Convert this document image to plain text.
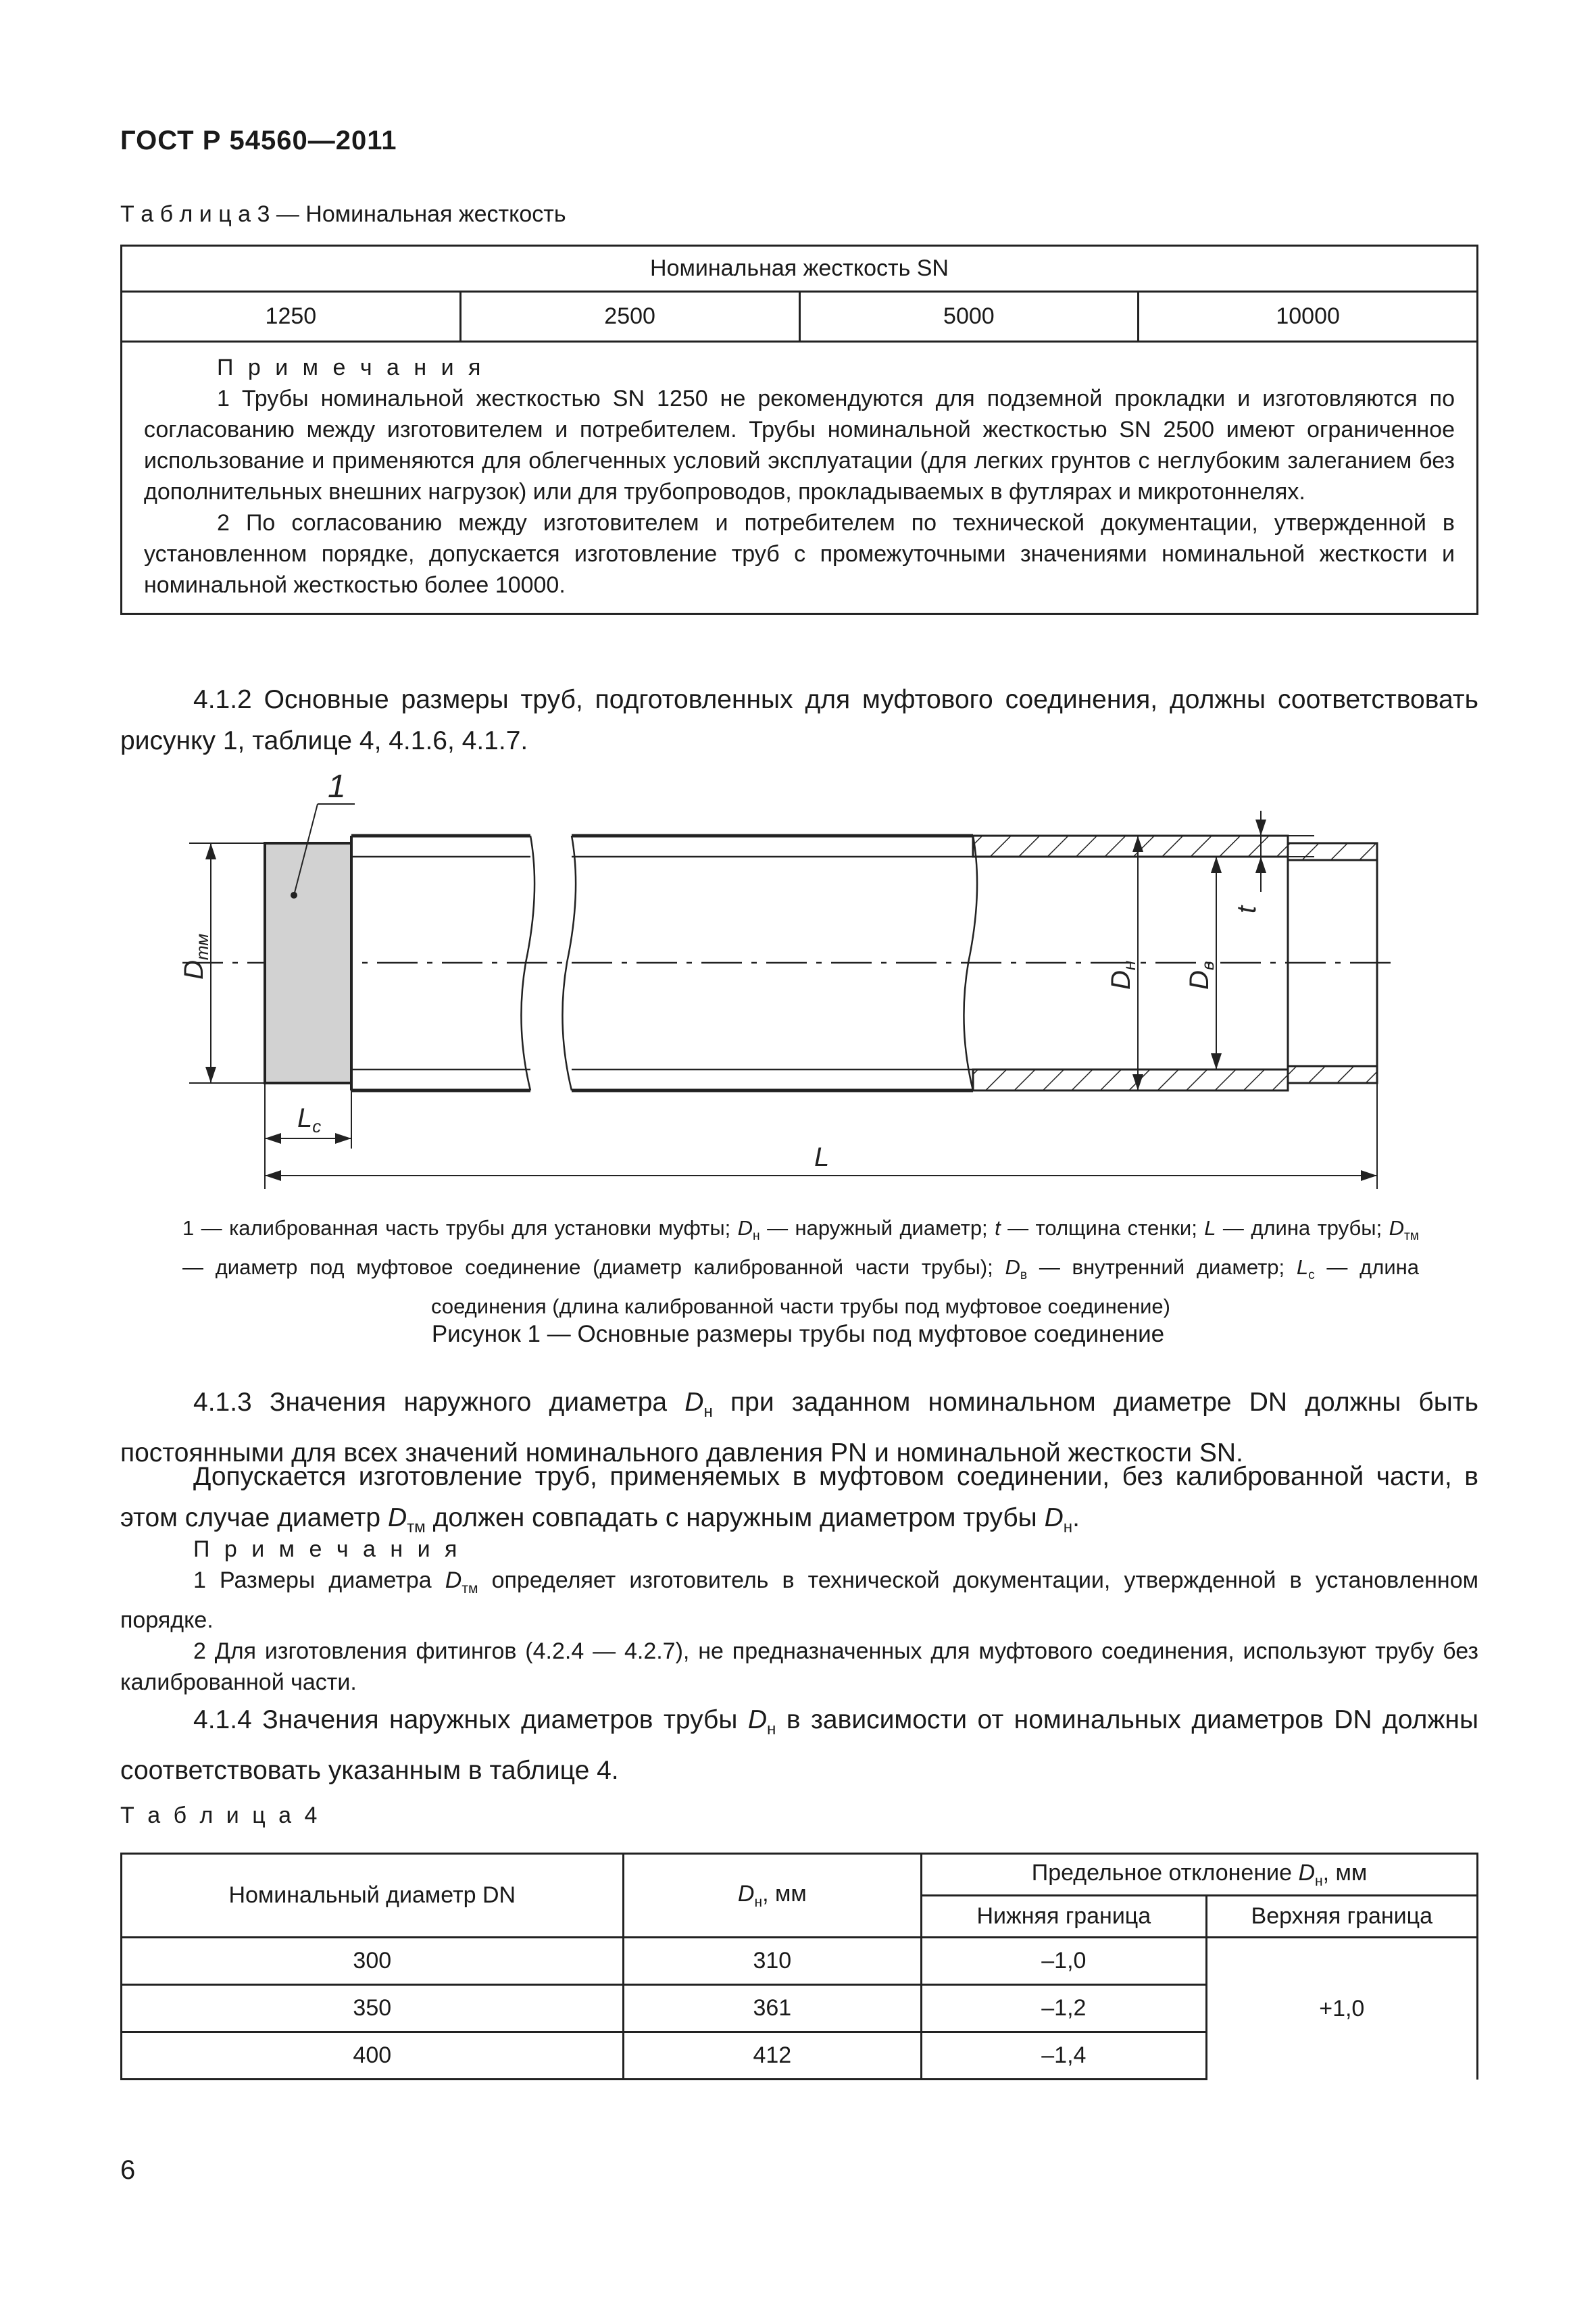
ГОСТ Р 54560—2011
Т а б л и ц а 3 — Номинальная жесткость
Номинальная жесткость SN
1250	2500	5000	10000

П р и м е ч а н и я
1 Трубы номинальной жесткостью SN 1250 не рекомендуются для подземной прокладки и изготовляются по согласованию между изготовителем и потребителем. Трубы номинальной жесткостью SN 2500 имеют ограниченное использование и применяются для облегченных условий эксплуатации (для легких грунтов с неглубоким залеганием без дополнительных внешних нагрузок) или для трубопроводов, прокладываемых в футлярах и микротоннелях.
2 По согласованию между изготовителем и потребителем по технической документации, утвержденной в установленном порядке, допускается изготовление труб с промежуточными значениями номинальной жесткости и номинальной жесткостью более 10000.
4.1.2 Основные размеры труб, подготовленных для муфтового соединения, должны соответствовать рисунку 1, таблице 4, 4.1.6, 4.1.7.
$D_{тм}$
$D_н$
$D_в$
t
1
$L_с$
L
1 — калиброванная часть трубы для установки муфты; $D_н$ — наружный диаметр; t — толщина стенки; L — длина трубы; $D_{тм}$ — диаметр под муфтовое соединение (диаметр калиброванной части трубы); $D_в$ — внутренний диаметр; $L_с$ — длина соединения (длина калиброванной части трубы под муфтовое соединение)
Рисунок 1 — Основные размеры трубы под муфтовое соединение
4.1.3 Значения наружного диаметра $D_н$ при заданном номинальном диаметре DN должны быть постоянными для всех значений номинального давления PN и номинальной жесткости SN.
Допускается изготовление труб, применяемых в муфтовом соединении, без калиброванной части, в этом случае диаметр $D_{тм}$ должен совпадать с наружным диаметром трубы $D_н$.
П р и м е ч а н и я
1 Размеры диаметра $D_{тм}$ определяет изготовитель в технической документации, утвержденной в установленном порядке.
2 Для изготовления фитингов (4.2.4 — 4.2.7), не предназначенных для муфтового соединения, используют трубу без калиброванной части.
4.1.4 Значения наружных диаметров трубы $D_н$ в зависимости от номинальных диаметров DN должны соответствовать указанным в таблице 4.
Т а б л и ц а 4
Номинальный диаметр DN	$D_н$, мм	Предельное отклонение $D_н$, мм	
		Нижняя граница	Верхняя граница
300	310	–1,0	+1,0
350	361	–1,2	
400	412	–1,4	
6
